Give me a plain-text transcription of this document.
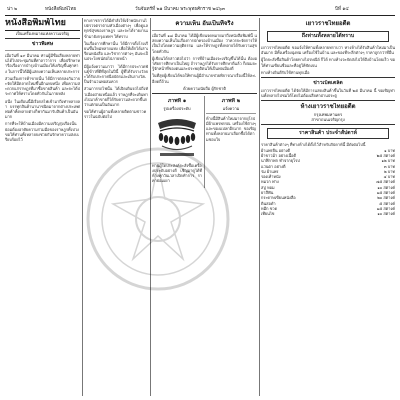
น่า ๒	หนังสือพิมพ์ไทย	วันจันทร์ที่ ๒๑ มีนาคม พระพุทธศักราช ๒๔๖๓	ปีที่ ๑๔
หนังสือพิมพ์ไทย
เป็นเครื่องหมายแห่งความเจริญ
ข่าวพิเศษ
เมื่อวันที่ ๑๙ มีนาคม ท่านผู้มีชื่อเสียงหลายท่านได้ไปประชุมกันที่ศาลาว่าการ เพื่อปรึกษาหารือเรื่องการบำรุงบ้านเมืองให้เจริญขึ้นทุกทาง ในการนี้ได้มีผู้แสดงความเห็นหลายประการ
ส่วนเรื่องการค้าขายนั้น ได้มีการตกลงกันว่าจะจัดให้มีตลาดใหม่ขึ้นอีกแห่งหนึ่ง เพื่อความสะดวกแก่ราษฎรที่มาซื้อขายสินค้า และจะได้ประกาศให้ทราบโดยทั่วกันในภายหลัง
อนึ่ง ในเดือนนี้มีเรือกลไฟเข้ามาถึงท่าหลายลำ บรรทุกสินค้านานาชนิดมาจากต่างประเทศ พ่อค้าทั้งหลายต่างก็พากันมารับสินค้าเป็นอันมาก
การที่จะให้บ้านเมืองมีความเจริญรุ่งเรืองนั้น ย่อมต้องอาศัยความร่วมมือของราษฎรทั้งปวง ขอให้ท่านทั้งหลายจงช่วยกันรักษาความสงบเรียบร้อยไว้
ทางราชการได้มีคำสั่งให้เจ้าพนักงานไปตรวจตราตามหัวเมืองต่างๆ เพื่อดูแลทุกข์สุขของราษฎร และจะได้รายงานเข้ามายังกรุงเทพฯ ให้ทราบ
ในเรื่องการศึกษานั้น ได้มีการตั้งโรงเรียนขึ้นใหม่หลายแห่ง เพื่อให้เด็กได้เล่าเรียนหนังสือ และวิชาการต่างๆ อันจะเป็นประโยชน์ต่อไปภายหน้า
มีผู้แจ้งความมาว่า ได้มีการประกวดพันธุ์ข้าวที่ดีที่สุดในปีนี้ ผู้ที่ได้รับรางวัลจะได้รับประกาศนียบัตรและเงินรางวัลเป็นจำนวนพอสมควร
ส่วนการรถไฟนั้น ได้เปิดเดินรถไปถึงหัวเมืองฝ่ายเหนือแล้ว ราษฎรที่จะเดินทางไปมาค้าขายก็ได้รับความสะดวกขึ้นกว่าแต่ก่อนเป็นอันมาก
ขอให้ท่านผู้อ่านทั้งหลายติดตามข่าวคราวในฉบับต่อไป
ความเห็น อันเป็นที่จริง
เมื่อวันที่ ๑๘ มีนาคม ได้มีผู้เขียนจดหมายมาถึงหนังสือพิมพ์นี้ แสดงความเห็นในเรื่องการปกครองบ้านเมือง ว่าควรจะจัดการให้เป็นไปโดยความยุติธรรม และให้ราษฎรทั้งหลายได้รับความสุขโดยทั่วกัน
ผู้เขียนได้กล่าวต่อไปว่า การที่บ้านเมืองจะเจริญขึ้นได้นั้น ต้องอาศัยการศึกษาเป็นใหญ่ ถ้าราษฎรได้รับการศึกษาดีแล้ว ก็ย่อมจะรู้จักหน้าที่ของตนและประพฤติตนให้เป็นพลเมืองดี
ในที่สุดผู้เขียนได้ขอให้ท่านผู้มีอำนาจช่วยพิจารณาเรื่องนี้ให้ละเอียดถี่ถ้วน
ด้วยความนับถือ ผู้รักชาติ
ภาพที่ ๑
รูปเครื่องประดับ
ท่านผู้ใดประสงค์จะสั่งซื้อเครื่องประดับอย่างดี เชิญมาดูได้ที่ห้างทุกวันเวลาเปิดทำการ ราคาย่อมเยา
ภาพที่ ๒
แจ้งความ
ห้างนี้มีสินค้าใหม่มาจากยุโรป มีผ้าแพรพรรณ เครื่องใช้ต่างๆ และของแปลกอีกมาก ขอเชิญท่านทั้งหลายมาเลือกซื้อได้ตามชอบใจ
เยาวราชไทยอดีต
ถึงท่านทั้งหลายได้ทราบ
เยาวราชไทยอดีต ขอแจ้งให้ท่านทั้งหลายทราบว่า ทางห้างได้รับสินค้าใหม่มาเป็นอันมาก มีทั้งเครื่องนุ่งห่ม เครื่องใช้ในบ้าน และของที่ระลึกต่างๆ ราคาถูกกว่าที่อื่น
ผู้ใดจะสั่งซื้อสินค้าโดยทางไปรษณีย์ ก็ได้ ทางห้างจะจัดส่งไปให้ถึงบ้านโดยเร็ว ขอให้ท่านเขียนชื่อและที่อยู่ให้ชัดเจน
ทางห้างยินดีรับใช้ท่านทุกเมื่อ
ข่าวเบ็ดเตล็ด
เยาวราชไทยอดีต ได้จัดให้มีการแสดงสินค้าขึ้นในวันที่ ๒๕ มีนาคม นี้ ขอเชิญท่านทั้งหลายไปชมได้โดยไม่ต้องเสียค่าผ่านประตู
ห้างเยาวราชไทยอดีต
กรุงเทพมหานคร
สาขาถนนเจริญกรุง
ราคาสินค้า ประจำสัปดาห์
ราคาสินค้าต่างๆ ที่ทางห้างได้ตั้งไว้สำหรับสัปดาห์นี้ มีดังต่อไปนี้
ผ้าแพรจีน อย่างดี	๑ บาท
ผ้าขาวม้า อย่างเนื้อดี	๒๕ สตางค์
นาฬิกาพก ทำจากยุโรป	๑๒ บาท
แว่นตา อย่างดี	๓ บาท
ร่ม ผ้าแพร	๒ บาท
รองเท้าหนัง	๔ บาท
หมวก ฟาง	๗๕ สตางค์
สบู่ หอม	๑๐ สตางค์
ยาสีฟัน	๑๕ สตางค์
กระดาษเขียนหนังสือ	๒๐ สตางค์
ดินสอดำ	๕ สตางค์
หมึก ขวด	๑๕ สตางค์
เทียนไข	๑๐ สตางค์
